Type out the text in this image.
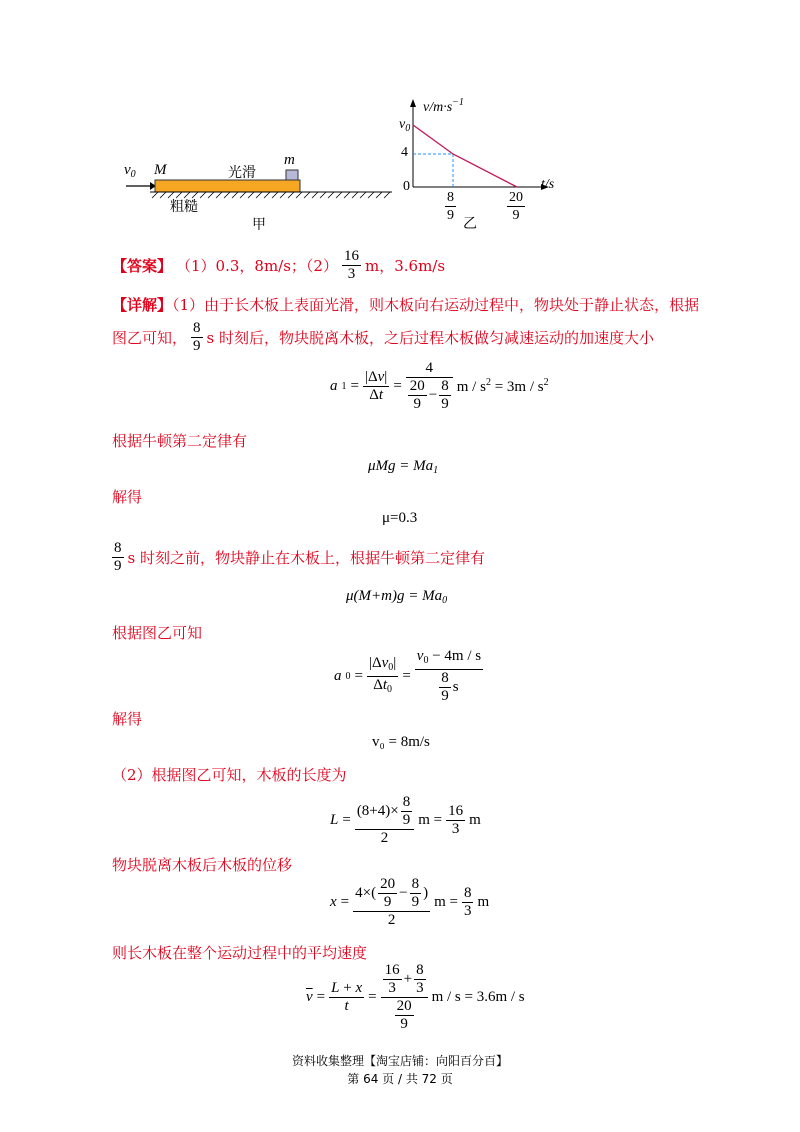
$v_0$ M	光滑
m
粗糙
甲
$v/m\cdot s^{-1}$
$v_0$
4
0	t/s
8
9
20
9
乙
【答案】 （1）0.3，8m/s；$(2) \frac{16}{3}$ m，3.6m/s
【详解】（1）由于长木板上表面光滑，则木板向右运动过程中，物块处于静止状态，根据
图乙可知， $\frac{8}{9}$ s 时刻后，物块脱离木板，之后过程木板做匀减速运动的加速度大小
a $1 = \frac{|\Delta v|}{\Delta t} = \frac{4}{\frac{20}{9} - \frac{8}{9}}$ $m / s^2 = 3m / s^2$
根据牛顿第二定律有
$\mu Mg = Ma_1$
解得
μ=0.3
$\frac{8}{9}$ s 时刻之前，物块静止在木板上，根据牛顿第二定律有
$\mu(M+m)g = Ma_0$
根据图乙可知
a $0 = \frac{|\Delta v_0|}{\Delta t_0} = \frac{v_0 - 4m / s}{\frac{8}{9} s}$
解得
v₀ = 8m/s
（2）根据图乙可知，木板的长度为
$L = \frac{(8+4)\times \frac{8}{9}}{2}$ $m = \frac{16}{3}$ m
物块脱离木板后木板的位移
$x = \frac{4\times( \frac{20}{9} - \frac{8}{9} )}{2}$ $m = \frac{8}{3}$ m
则长木板在整个运动过程中的平均速度
$\overline{v} = \frac{L + x}{t} = \frac{\frac{16}{3} + \frac{8}{3}}{\frac{20}{9}}$ m / s = 3.6m / s
资料收集整理【淘宝店铺：向阳百分百】
第 64 页 / 共 72 页
